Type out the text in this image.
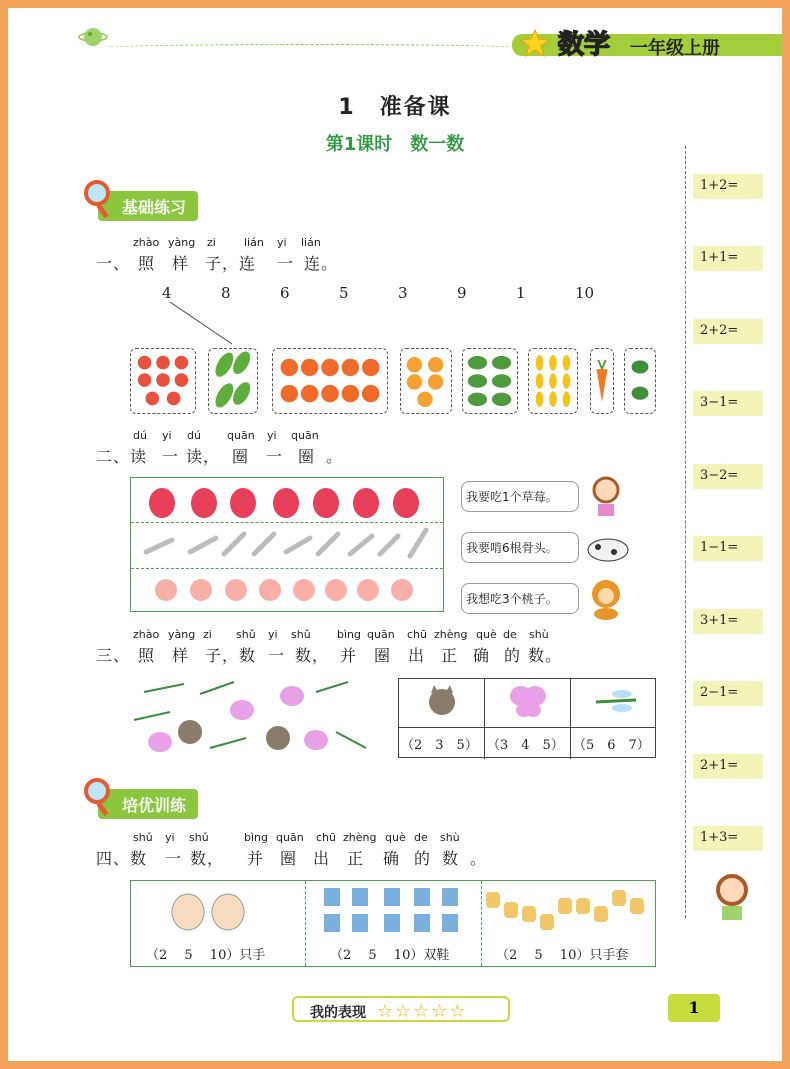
数学 一年级上册
1　准备课
第1课时　数一数
基础练习
zhào yàng zi	lián yi lián
一、 照 样 子，连 一 连。
4	8	6	5	3	9	1	10
dú yi dú quān yi quān
二、读 一 读， 圈 一 圈 。
我要吃1个草莓。
我要啃6根骨头。
我想吃3个桃子。
zhào yàng zi shǔ yi shǔ bìng quān chū zhèng què de shù
三、 照 样 子，数 一 数， 并 圈 出 正 确 的 数。
（2　3　5） （3　4　5） （5　6　7）
培优训练
shǔ yi shǔ	bìng quān chū zhèng què de shù
四、数 一 数， 并 圈 出 正 确 的 数 。
（2　 5　 10）只手	（2　 5　 10）双鞋	（2　 5　 10）只手套
1+2=
1+1=
2+2=
3−1=
3−2=
1−1=
3+1=
2−1=
2+1=
1+3=
我的表现 ☆☆☆☆☆	1
